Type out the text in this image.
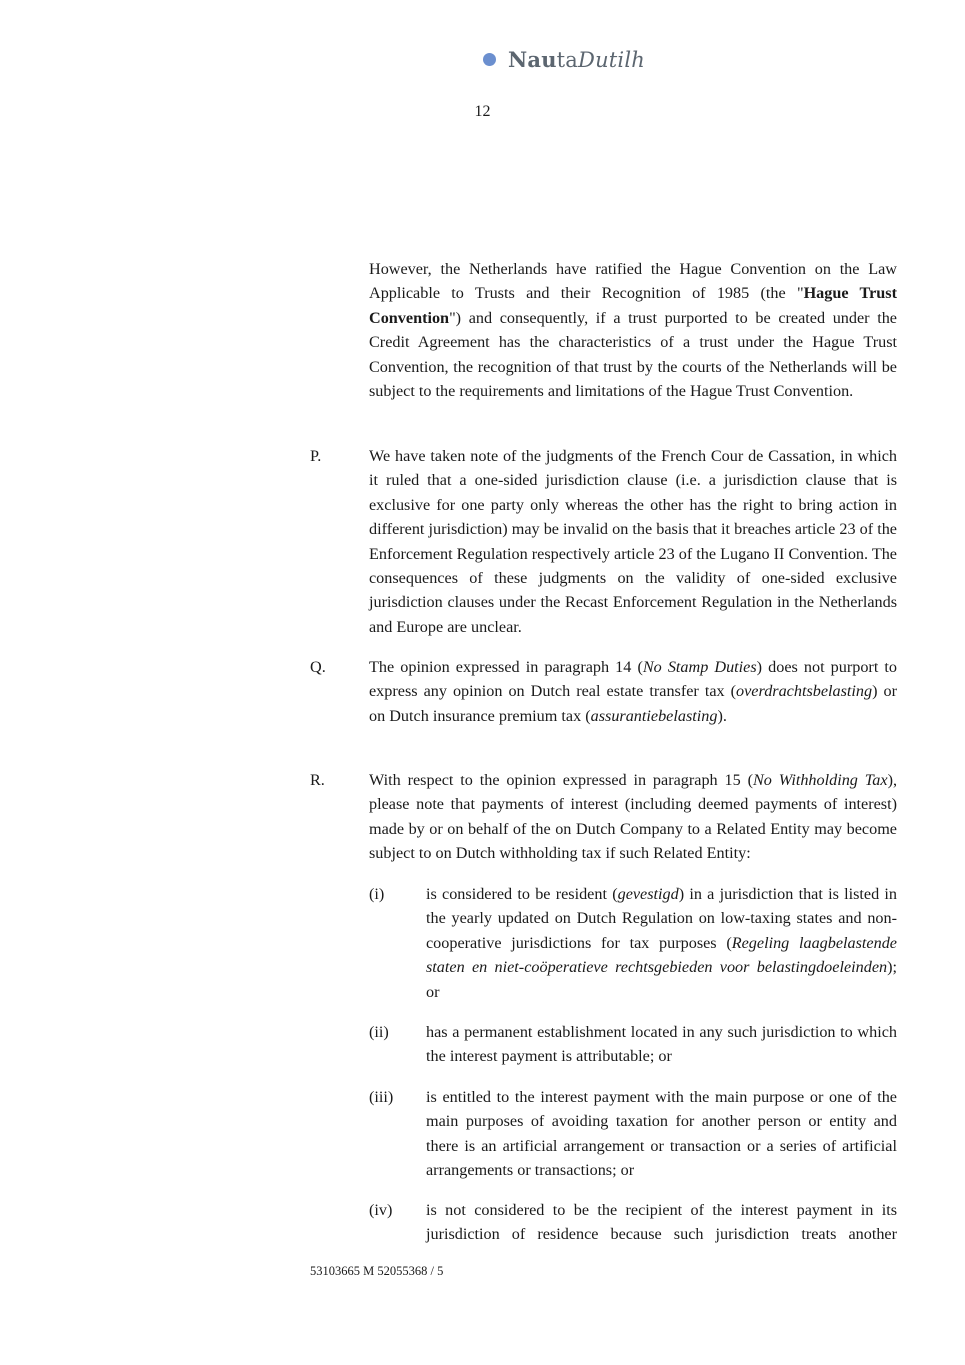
NautaDutilh
12

However, the Netherlands have ratified the Hague Convention on the Law Applicable to Trusts and their Recognition of 1985 (the "Hague Trust Convention") and consequently, if a trust purported to be created under the Credit Agreement has the characteristics of a trust under the Hague Trust Convention, the recognition of that trust by the courts of the Netherlands will be subject to the requirements and limitations of the Hague Trust Convention.

P.	We have taken note of the judgments of the French Cour de Cassation, in which it ruled that a one-sided jurisdiction clause (i.e. a jurisdiction clause that is exclusive for one party only whereas the other has the right to bring action in different jurisdiction) may be invalid on the basis that it breaches article 23 of the Enforcement Regulation respectively article 23 of the Lugano II Convention. The consequences of these judgments on the validity of one-sided exclusive jurisdiction clauses under the Recast Enforcement Regulation in the Netherlands and Europe are unclear.

Q.	The opinion expressed in paragraph 14 (No Stamp Duties) does not purport to express any opinion on Dutch real estate transfer tax (overdrachtsbelasting) or on Dutch insurance premium tax (assurantiebelasting).

R.	With respect to the opinion expressed in paragraph 15 (No Withholding Tax), please note that payments of interest (including deemed payments of interest) made by or on behalf of the on Dutch Company to a Related Entity may become subject to on Dutch withholding tax if such Related Entity:

(i)	is considered to be resident (gevestigd) in a jurisdiction that is listed in the yearly updated on Dutch Regulation on low-taxing states and non-cooperative jurisdictions for tax purposes (Regeling laagbelastende staten en niet-coöperatieve rechtsgebieden voor belastingdoeleinden); or

(ii) has a permanent establishment located in any such jurisdiction to which the interest payment is attributable; or

(iii) is entitled to the interest payment with the main purpose or one of the main purposes of avoiding taxation for another person or entity and there is an artificial arrangement or transaction or a series of artificial arrangements or transactions; or

(iv) is not considered to be the recipient of the interest payment in its jurisdiction of residence because such jurisdiction treats another

53103665 M 52055368 / 5
